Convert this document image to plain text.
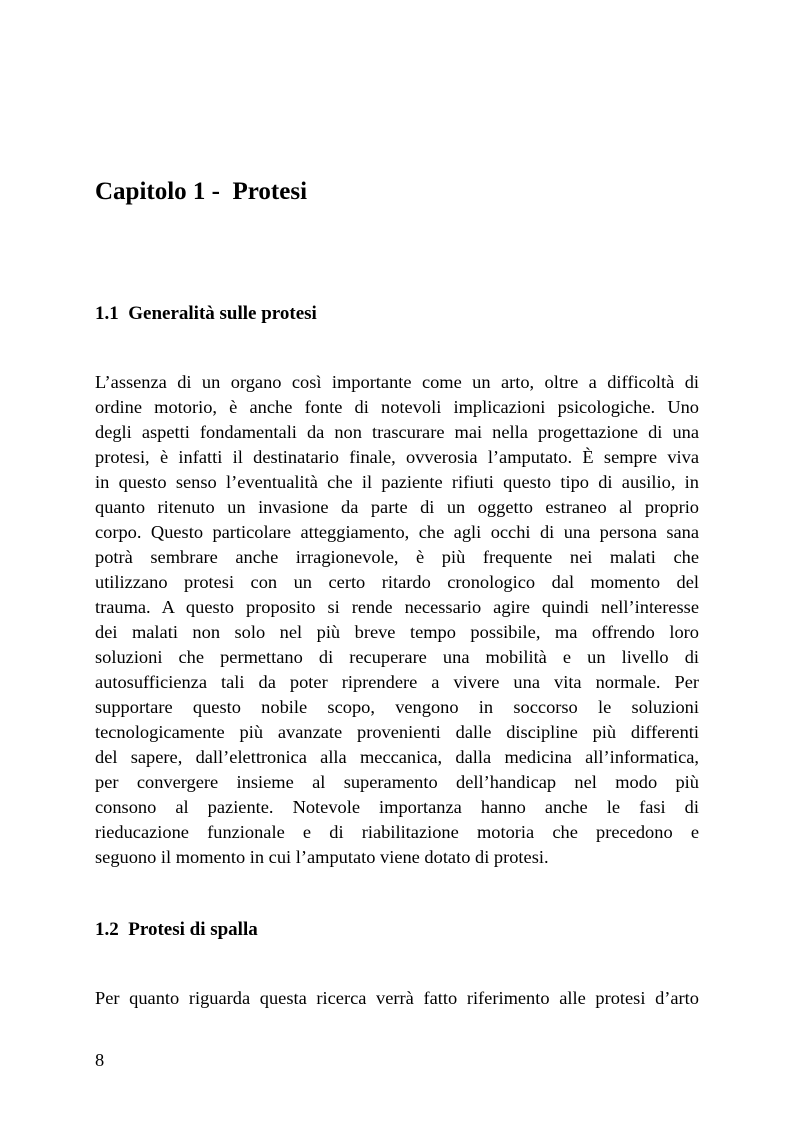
Capitolo 1 -  Protesi
1.1  Generalità sulle protesi
L’assenza di un organo così importante come un arto, oltre a difficoltà di
ordine motorio, è anche fonte di notevoli implicazioni psicologiche. Uno
degli aspetti fondamentali da non trascurare mai nella progettazione di una
protesi, è infatti il destinatario finale, ovverosia l’amputato. È sempre viva
in questo senso l’eventualità che il paziente rifiuti questo tipo di ausilio, in
quanto ritenuto un invasione da parte di un oggetto estraneo al proprio
corpo. Questo particolare atteggiamento, che agli occhi di una persona sana
potrà sembrare anche irragionevole, è più frequente nei malati che
utilizzano protesi con un certo ritardo cronologico dal momento del
trauma. A questo proposito si rende necessario agire quindi nell’interesse
dei malati non solo nel più breve tempo possibile, ma offrendo loro
soluzioni che permettano di recuperare una mobilità e un livello di
autosufficienza tali da poter riprendere a vivere una vita normale. Per
supportare questo nobile scopo, vengono in soccorso le soluzioni
tecnologicamente più avanzate provenienti dalle discipline più differenti
del sapere, dall’elettronica alla meccanica, dalla medicina all’informatica,
per convergere insieme al superamento dell’handicap nel modo più
consono al paziente. Notevole importanza hanno anche le fasi di
rieducazione funzionale e di riabilitazione motoria che precedono e
seguono il momento in cui l’amputato viene dotato di protesi.
1.2  Protesi di spalla
Per quanto riguarda questa ricerca verrà fatto riferimento alle protesi d’arto
8
